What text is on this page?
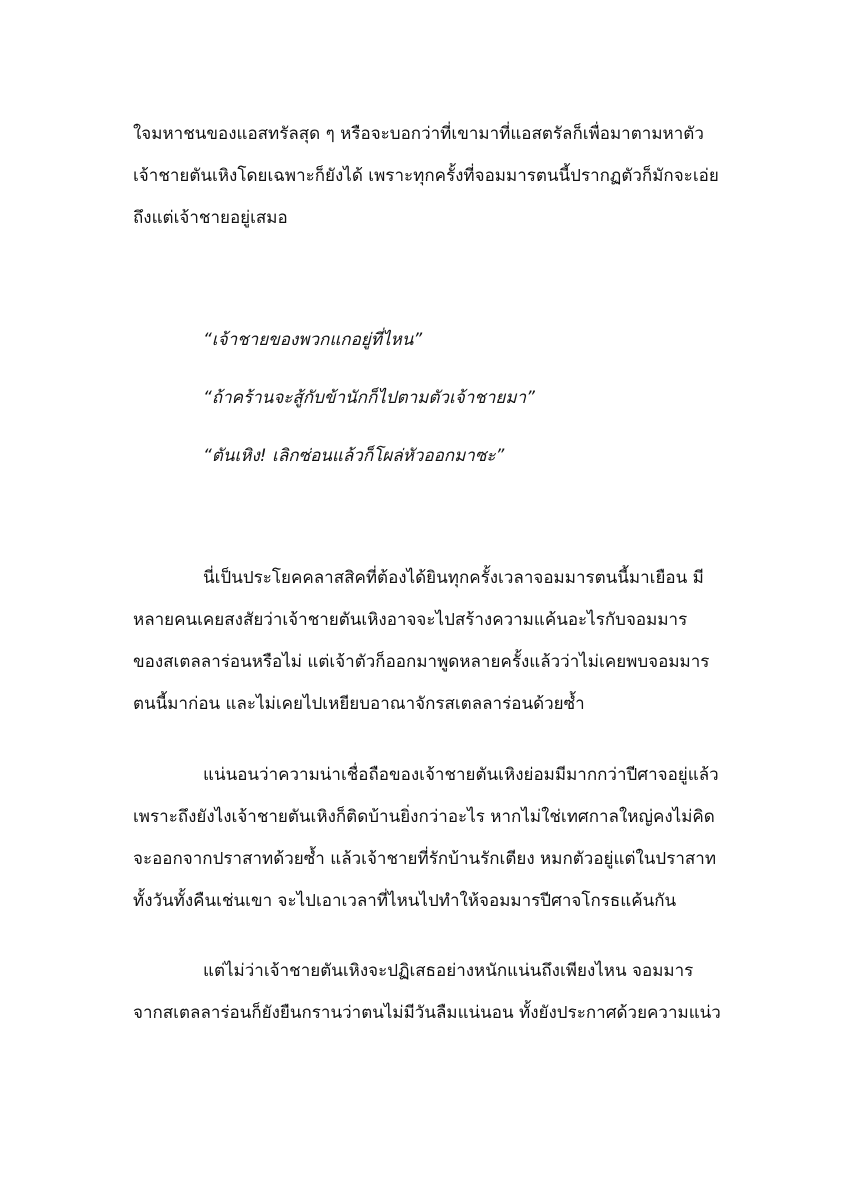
ใจมหาชนของแอสทรัลสุด ๆ หรือจะบอกว่าที่เขามาที่แอสตรัลก็เพื่อมาตามหาตัว
เจ้าชายตันเหิงโดยเฉพาะก็ยังได้ เพราะทุกครั้งที่จอมมารตนนี้ปรากฏตัวก็มักจะเอ่ย
ถึงแต่เจ้าชายอยู่เสมอ
“เจ้าชายของพวกแกอยู่ที่ไหน”
“ถ้าคร้านจะสู้กับข้านักก็ไปตามตัวเจ้าชายมา”
“ตันเหิง! เลิกซ่อนแล้วก็โผล่หัวออกมาซะ”
นี่เป็นประโยคคลาสสิคที่ต้องได้ยินทุกครั้งเวลาจอมมารตนนี้มาเยือน มี
หลายคนเคยสงสัยว่าเจ้าชายตันเหิงอาจจะไปสร้างความแค้นอะไรกับจอมมาร
ของสเตลลาร่อนหรือไม่ แต่เจ้าตัวก็ออกมาพูดหลายครั้งแล้วว่าไม่เคยพบจอมมาร
ตนนี้มาก่อน และไม่เคยไปเหยียบอาณาจักรสเตลลาร่อนด้วยซ้ำ
แน่นอนว่าความน่าเชื่อถือของเจ้าชายตันเหิงย่อมมีมากกว่าปีศาจอยู่แล้ว
เพราะถึงยังไงเจ้าชายตันเหิงก็ติดบ้านยิ่งกว่าอะไร หากไม่ใช่เทศกาลใหญ่คงไม่คิด
จะออกจากปราสาทด้วยซ้ำ แล้วเจ้าชายที่รักบ้านรักเตียง หมกตัวอยู่แต่ในปราสาท
ทั้งวันทั้งคืนเช่นเขา จะไปเอาเวลาที่ไหนไปทำให้จอมมารปีศาจโกรธแค้นกัน
แต่ไม่ว่าเจ้าชายตันเหิงจะปฏิเสธอย่างหนักแน่นถึงเพียงไหน จอมมาร
จากสเตลลาร่อนก็ยังยืนกรานว่าตนไม่มีวันลืมแน่นอน ทั้งยังประกาศด้วยความแน่ว
